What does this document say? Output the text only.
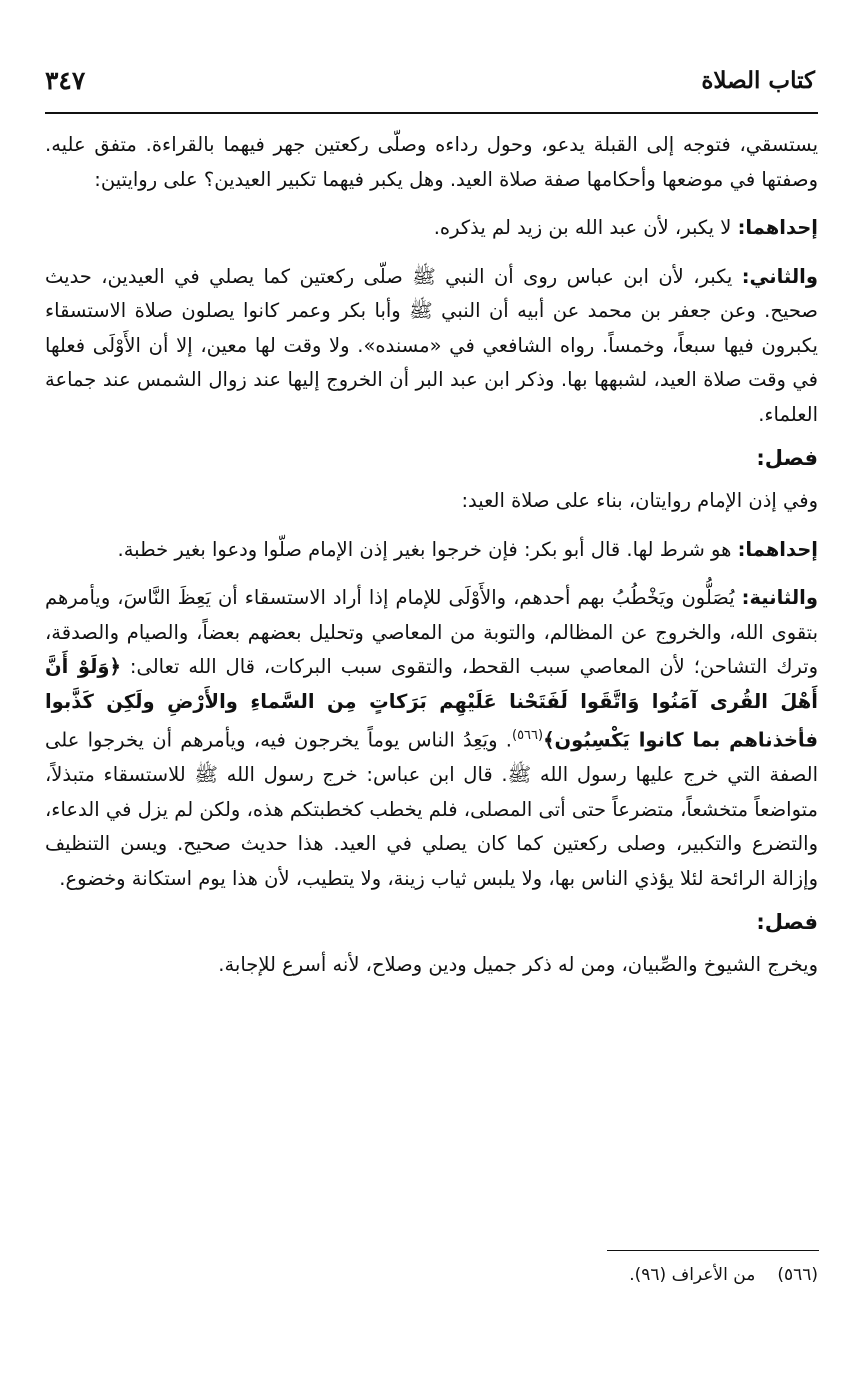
كتاب الصلاة
٣٤٧

يستسقي، فتوجه إلى القبلة يدعو، وحول رداءه وصلّى ركعتين جهر فيهما بالقراءة. متفق عليه. وصفتها في موضعها وأحكامها صفة صلاة العيد. وهل يكبر فيهما تكبير العيدين؟ على روايتين:

إحداهما: لا يكبر، لأن عبد الله بن زيد لم يذكره.

والثاني: يكبر، لأن ابن عباس روى أن النبي ﷺ صلّى ركعتين كما يصلي في العيدين، حديث صحيح. وعن جعفر بن محمد عن أبيه أن النبي ﷺ وأبا بكر وعمر كانوا يصلون صلاة الاستسقاء يكبرون فيها سبعاً، وخمساً. رواه الشافعي في «مسنده». ولا وقت لها معين، إلا أن الأَوْلَى فعلها في وقت صلاة العيد، لشبهها بها. وذكر ابن عبد البر أن الخروج إليها عند زوال الشمس عند جماعة العلماء.

فصل:

وفي إذن الإمام روايتان، بناء على صلاة العيد:

إحداهما: هو شرط لها. قال أبو بكر: فإن خرجوا بغير إذن الإمام صلّوا ودعوا بغير خطبة.

والثانية: يُصَلُّون ويَخْطُبُ بهم أحدهم، والأَوْلَى للإمام إذا أراد الاستسقاء أن يَعِظَ النَّاسَ، ويأمرهم بتقوى الله، والخروج عن المظالم، والتوبة من المعاصي وتحليل بعضهم بعضاً، والصيام والصدقة، وترك التشاحن؛ لأن المعاصي سبب القحط، والتقوى سبب البركات، قال الله تعالى: ﴿وَلَوْ أَنَّ أَهْلَ القُرى آمَنُوا وَاتَّقَوا لَفَتَحْنا عَلَيْهِم بَرَكاتٍ مِن السَّماءِ والأَرْضِ ولَكِن كَذَّبوا فأخذناهم بما كانوا يَكْسِبُون﴾$^{(٥٦٦)}$. ويَعِدُ الناس يوماً يخرجون فيه، ويأمرهم أن يخرجوا على الصفة التي خرج عليها رسول الله ﷺ. قال ابن عباس: خرج رسول الله ﷺ للاستسقاء متبذلاً، متواضعاً متخشعاً، متضرعاً حتى أتى المصلى، فلم يخطب كخطبتكم هذه، ولكن لم يزل في الدعاء، والتضرع والتكبير، وصلى ركعتين كما كان يصلي في العيد. هذا حديث صحيح. ويسن التنظيف وإزالة الرائحة لئلا يؤذي الناس بها، ولا يلبس ثياب زينة، ولا يتطيب، لأن هذا يوم استكانة وخضوع.

فصل:

ويخرج الشيوخ والصِّبيان، ومن له ذكر جميل ودين وصلاح، لأنه أسرع للإجابة.

(٥٦٦)من الأعراف (٩٦).
